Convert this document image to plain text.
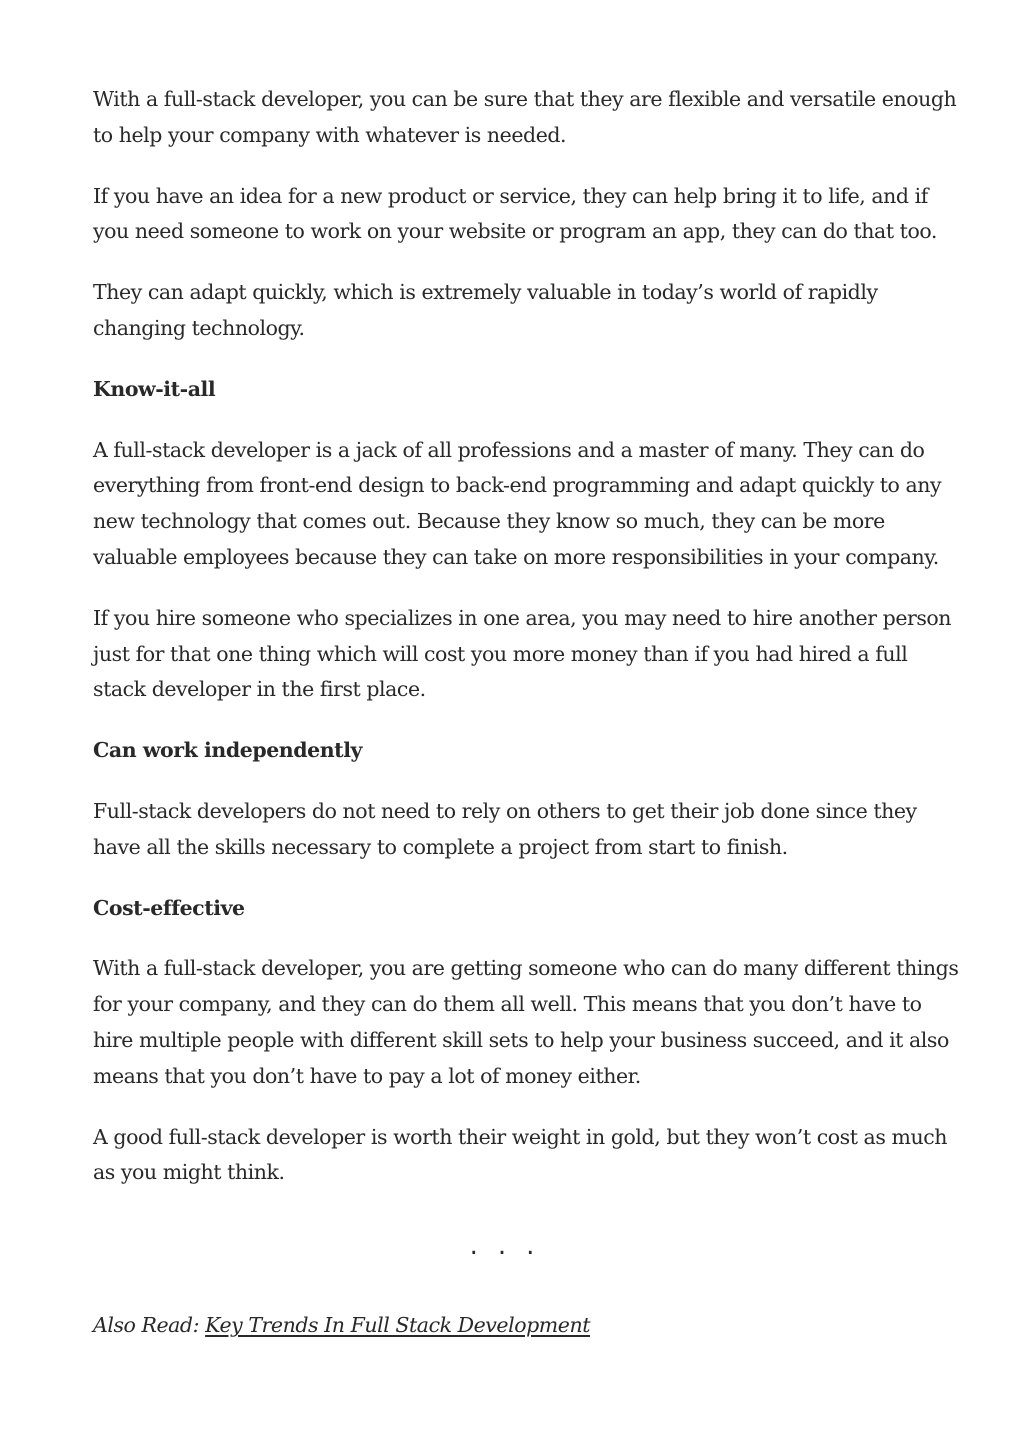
With a full-stack developer, you can be sure that they are flexible and versatile enough to help your company with whatever is needed.

If you have an idea for a new product or service, they can help bring it to life, and if you need someone to work on your website or program an app, they can do that too.

They can adapt quickly, which is extremely valuable in today’s world of rapidly changing technology.

Know-it-all

A full-stack developer is a jack of all professions and a master of many. They can do everything from front-end design to back-end programming and adapt quickly to any new technology that comes out. Because they know so much, they can be more valuable employees because they can take on more responsibilities in your company.

If you hire someone who specializes in one area, you may need to hire another person just for that one thing which will cost you more money than if you had hired a full stack developer in the first place.

Can work independently

Full-stack developers do not need to rely on others to get their job done since they have all the skills necessary to complete a project from start to finish.

Cost-effective

With a full-stack developer, you are getting someone who can do many different things for your company, and they can do them all well. This means that you don’t have to hire multiple people with different skill sets to help your business succeed, and it also means that you don’t have to pay a lot of money either.

A good full-stack developer is worth their weight in gold, but they won’t cost as much as you might think.

...
Also Read: Key Trends In Full Stack Development
